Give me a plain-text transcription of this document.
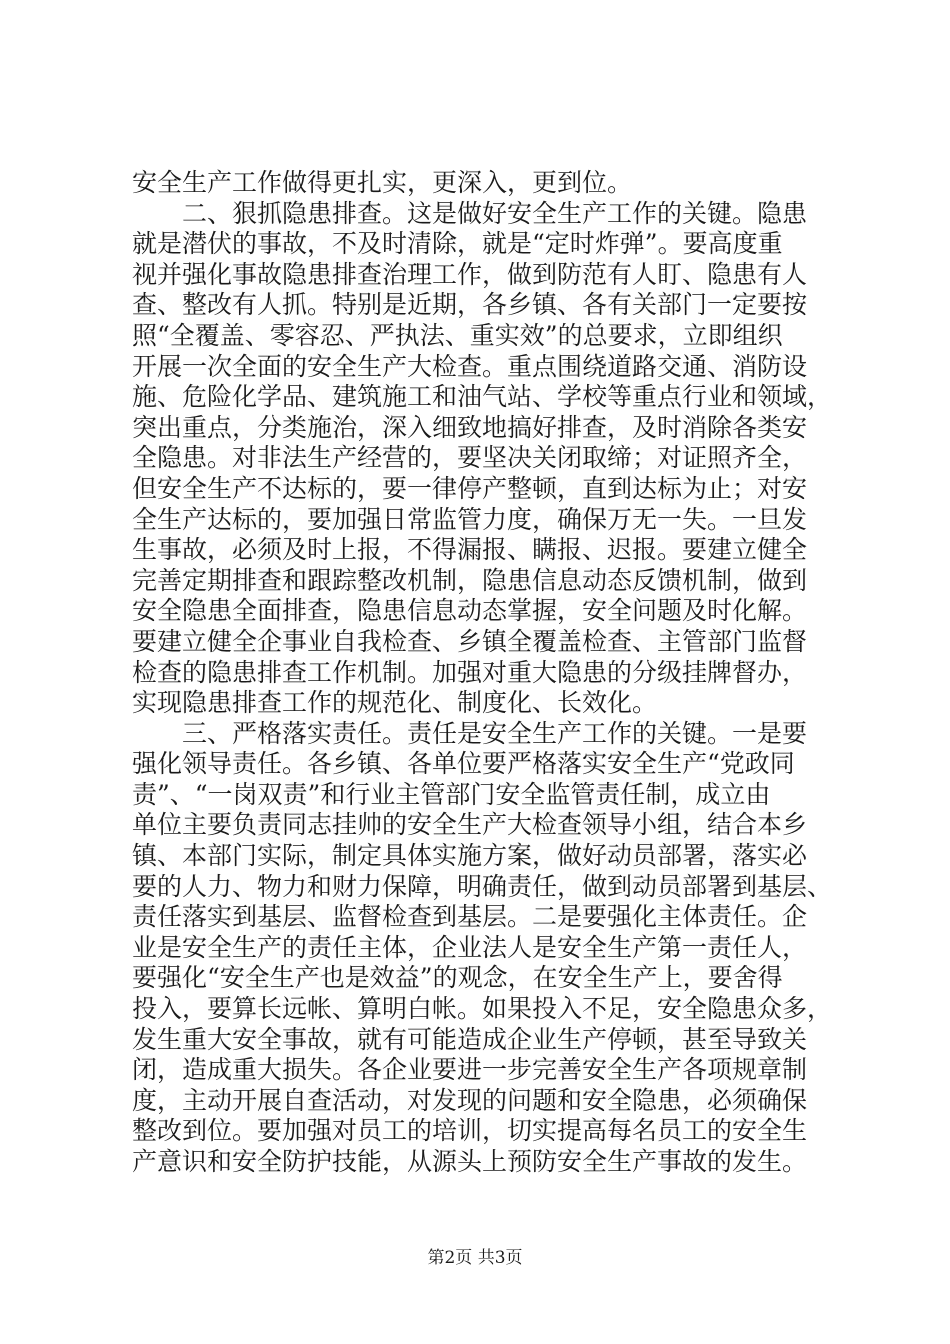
安全生产工作做得更扎实，更深入，更到位。
　　二、狠抓隐患排查。这是做好安全生产工作的关键。隐患
就是潜伏的事故，不及时清除，就是“定时炸弹”。要高度重
视并强化事故隐患排查治理工作，做到防范有人盯、隐患有人
查、整改有人抓。特别是近期，各乡镇、各有关部门一定要按
照“全覆盖、零容忍、严执法、重实效”的总要求，立即组织
开展一次全面的安全生产大检查。重点围绕道路交通、消防设
施、危险化学品、建筑施工和油气站、学校等重点行业和领域，
突出重点，分类施治，深入细致地搞好排查，及时消除各类安
全隐患。对非法生产经营的，要坚决关闭取缔；对证照齐全，
但安全生产不达标的，要一律停产整顿，直到达标为止；对安
全生产达标的，要加强日常监管力度，确保万无一失。一旦发
生事故，必须及时上报，不得漏报、瞒报、迟报。要建立健全
完善定期排查和跟踪整改机制，隐患信息动态反馈机制，做到
安全隐患全面排查，隐患信息动态掌握，安全问题及时化解。
要建立健全企事业自我检查、乡镇全覆盖检查、主管部门监督
检查的隐患排查工作机制。加强对重大隐患的分级挂牌督办，
实现隐患排查工作的规范化、制度化、长效化。
　　三、严格落实责任。责任是安全生产工作的关键。一是要
强化领导责任。各乡镇、各单位要严格落实安全生产“党政同
责”、“一岗双责”和行业主管部门安全监管责任制，成立由
单位主要负责同志挂帅的安全生产大检查领导小组，结合本乡
镇、本部门实际，制定具体实施方案，做好动员部署，落实必
要的人力、物力和财力保障，明确责任，做到动员部署到基层、
责任落实到基层、监督检查到基层。二是要强化主体责任。企
业是安全生产的责任主体，企业法人是安全生产第一责任人，
要强化“安全生产也是效益”的观念，在安全生产上，要舍得
投入，要算长远帐、算明白帐。如果投入不足，安全隐患众多，
发生重大安全事故，就有可能造成企业生产停顿，甚至导致关
闭，造成重大损失。各企业要进一步完善安全生产各项规章制
度，主动开展自查活动，对发现的问题和安全隐患，必须确保
整改到位。要加强对员工的培训，切实提高每名员工的安全生
产意识和安全防护技能，从源头上预防安全生产事故的发生。
第2页 共3页
